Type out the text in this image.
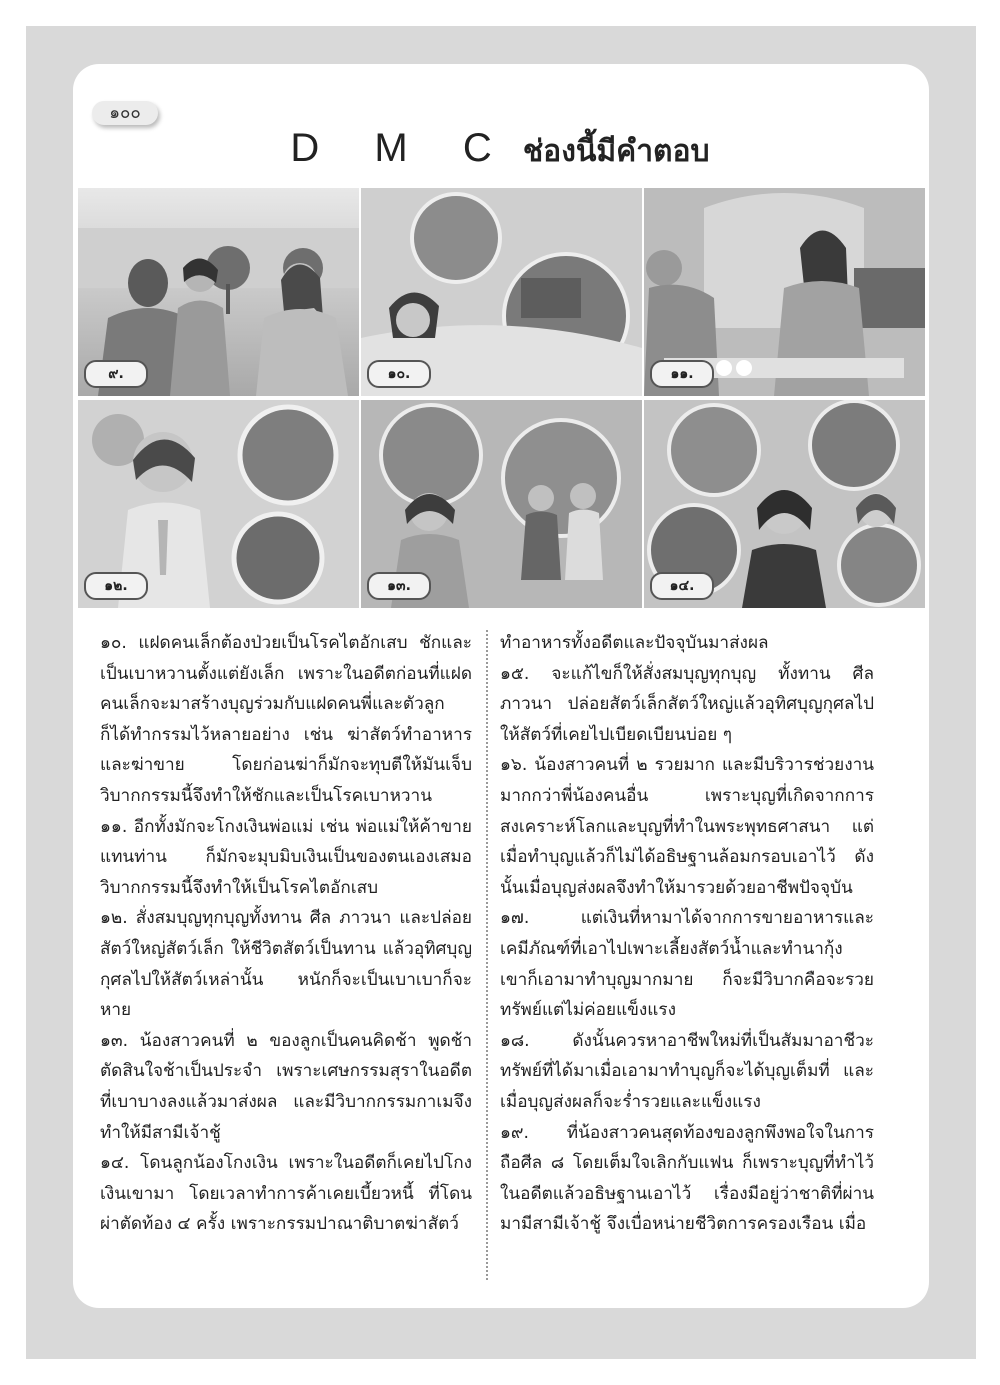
๑๐๐
D M C ช่องนี้มีคำตอบ
๙.	๑๐.	๑๑.
๑๒.	๑๓.	๑๔.

๑๐. แฝดคนเล็กต้องป่วยเป็นโรคไตอักเสบ ชักและเป็นเบาหวานตั้งแต่ยังเล็ก เพราะในอดีตก่อนที่แฝดคนเล็กจะมาสร้างบุญร่วมกับแฝดคนพี่และตัวลูกก็ได้ทำกรรมไว้หลายอย่าง เช่น ฆ่าสัตว์ทำอาหารและฆ่าขาย โดยก่อนฆ่าก็มักจะทุบตีให้มันเจ็บ วิบากกรรมนี้จึงทำให้ชักและเป็นโรคเบาหวาน

๑๑. อีกทั้งมักจะโกงเงินพ่อแม่ เช่น พ่อแม่ให้ค้าขายแทนท่าน ก็มักจะมุบมิบเงินเป็นของตนเองเสมอ วิบากกรรมนี้จึงทำให้เป็นโรคไตอักเสบ

๑๒. สั่งสมบุญทุกบุญทั้งทาน ศีล ภาวนา และปล่อยสัตว์ใหญ่สัตว์เล็ก ให้ชีวิตสัตว์เป็นทาน แล้วอุทิศบุญกุศลไปให้สัตว์เหล่านั้น หนักก็จะเป็นเบาเบาก็จะหาย

๑๓. น้องสาวคนที่ ๒ ของลูกเป็นคนคิดช้า พูดช้าตัดสินใจช้าเป็นประจำ เพราะเศษกรรมสุราในอดีตที่เบาบางลงแล้วมาส่งผล และมีวิบากกรรมกาเมจึงทำให้มีสามีเจ้าชู้

๑๔. โดนลูกน้องโกงเงิน เพราะในอดีตก็เคยไปโกงเงินเขามา โดยเวลาทำการค้าเคยเบี้ยวหนี้ ที่โดนผ่าตัดท้อง ๔ ครั้ง เพราะกรรมปาณาติบาตฆ่าสัตว์

ทำอาหารทั้งอดีตและปัจจุบันมาส่งผล

๑๕. จะแก้ไขก็ให้สั่งสมบุญทุกบุญ ทั้งทาน ศีล ภาวนา ปล่อยสัตว์เล็กสัตว์ใหญ่แล้วอุทิศบุญกุศลไปให้สัตว์ที่เคยไปเบียดเบียนบ่อย ๆ

๑๖. น้องสาวคนที่ ๒ รวยมาก และมีบริวารช่วยงานมากกว่าพี่น้องคนอื่น เพราะบุญที่เกิดจากการสงเคราะห์โลกและบุญที่ทำในพระพุทธศาสนา แต่เมื่อทำบุญแล้วก็ไม่ได้อธิษฐานล้อมกรอบเอาไว้ ดังนั้นเมื่อบุญส่งผลจึงทำให้มารวยด้วยอาชีพปัจจุบัน

๑๗. แต่เงินที่หามาได้จากการขายอาหารและเคมีภัณฑ์ที่เอาไปเพาะเลี้ยงสัตว์น้ำและทำนากุ้ง เขาก็เอามาทำบุญมากมาย ก็จะมีวิบากคือจะรวยทรัพย์แต่ไม่ค่อยแข็งแรง

๑๘. ดังนั้นควรหาอาชีพใหม่ที่เป็นสัมมาอาชีวะ ทรัพย์ที่ได้มาเมื่อเอามาทำบุญก็จะได้บุญเต็มที่ และเมื่อบุญส่งผลก็จะร่ำรวยและแข็งแรง

๑๙. ที่น้องสาวคนสุดท้องของลูกพึงพอใจในการถือศีล ๘ โดยเต็มใจเลิกกับแฟน ก็เพราะบุญที่ทำไว้ในอดีตแล้วอธิษฐานเอาไว้ เรื่องมีอยู่ว่าชาติที่ผ่านมามีสามีเจ้าชู้ จึงเบื่อหน่ายชีวิตการครองเรือน เมื่อ
